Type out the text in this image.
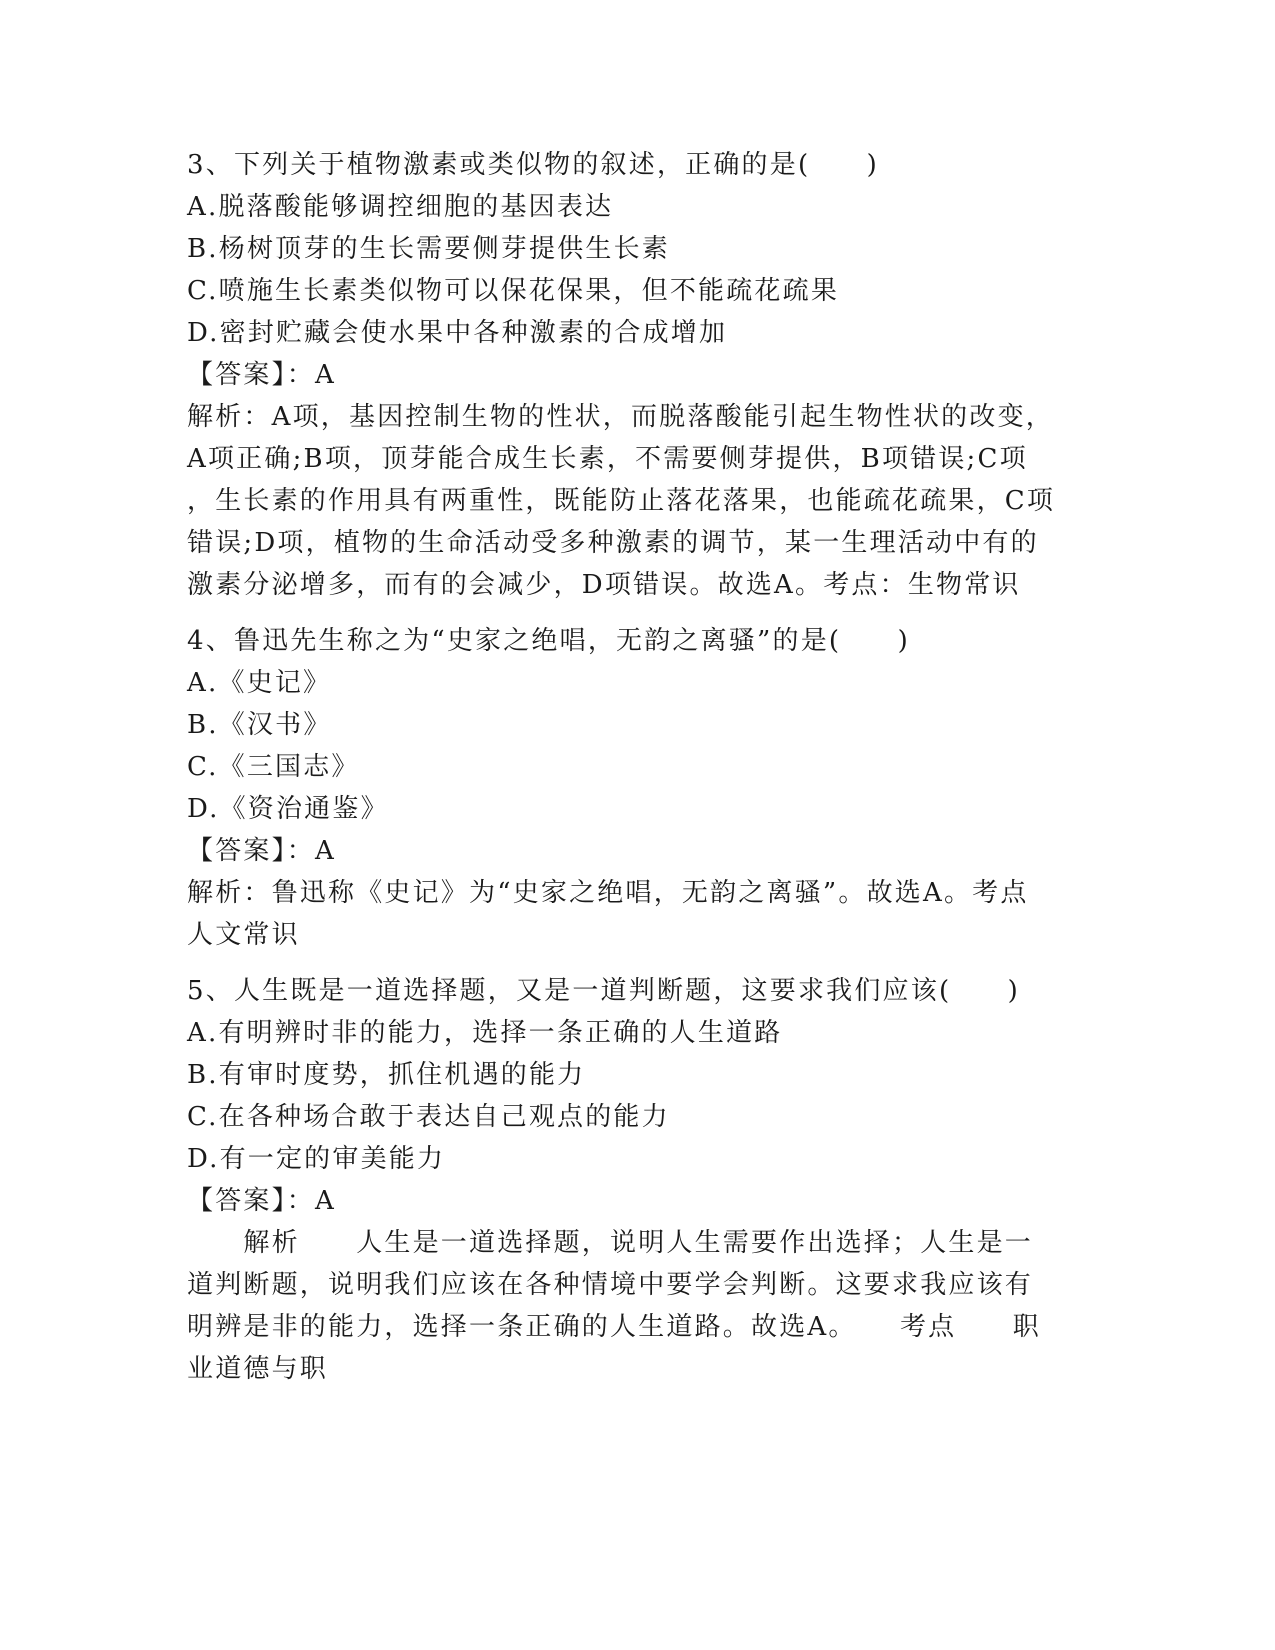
3、下列关于植物激素或类似物的叙述，正确的是(　　)
A.脱落酸能够调控细胞的基因表达
B.杨树顶芽的生长需要侧芽提供生长素
C.喷施生长素类似物可以保花保果，但不能疏花疏果
D.密封贮藏会使水果中各种激素的合成增加
【答案】：A
解析：A项，基因控制生物的性状，而脱落酸能引起生物性状的改变，
A项正确;B项，顶芽能合成生长素，不需要侧芽提供，B项错误;C项
，生长素的作用具有两重性，既能防止落花落果，也能疏花疏果，C项
错误;D项，植物的生命活动受多种激素的调节，某一生理活动中有的
激素分泌增多，而有的会减少，D项错误。故选A。考点：生物常识
4、鲁迅先生称之为“史家之绝唱，无韵之离骚”的是(　　)
A.《史记》
B.《汉书》
C.《三国志》
D.《资治通鉴》
【答案】：A
解析：鲁迅称《史记》为“史家之绝唱，无韵之离骚”。故选A。考点
人文常识
5、人生既是一道选择题，又是一道判断题，这要求我们应该(　　)
A.有明辨时非的能力，选择一条正确的人生道路
B.有审时度势，抓住机遇的能力
C.在各种场合敢于表达自己观点的能力
D.有一定的审美能力
【答案】：A
　　解析　　人生是一道选择题，说明人生需要作出选择；人生是一
道判断题，说明我们应该在各种情境中要学会判断。这要求我应该有
明辨是非的能力，选择一条正确的人生道路。故选A。　　考点　　职
业道德与职
